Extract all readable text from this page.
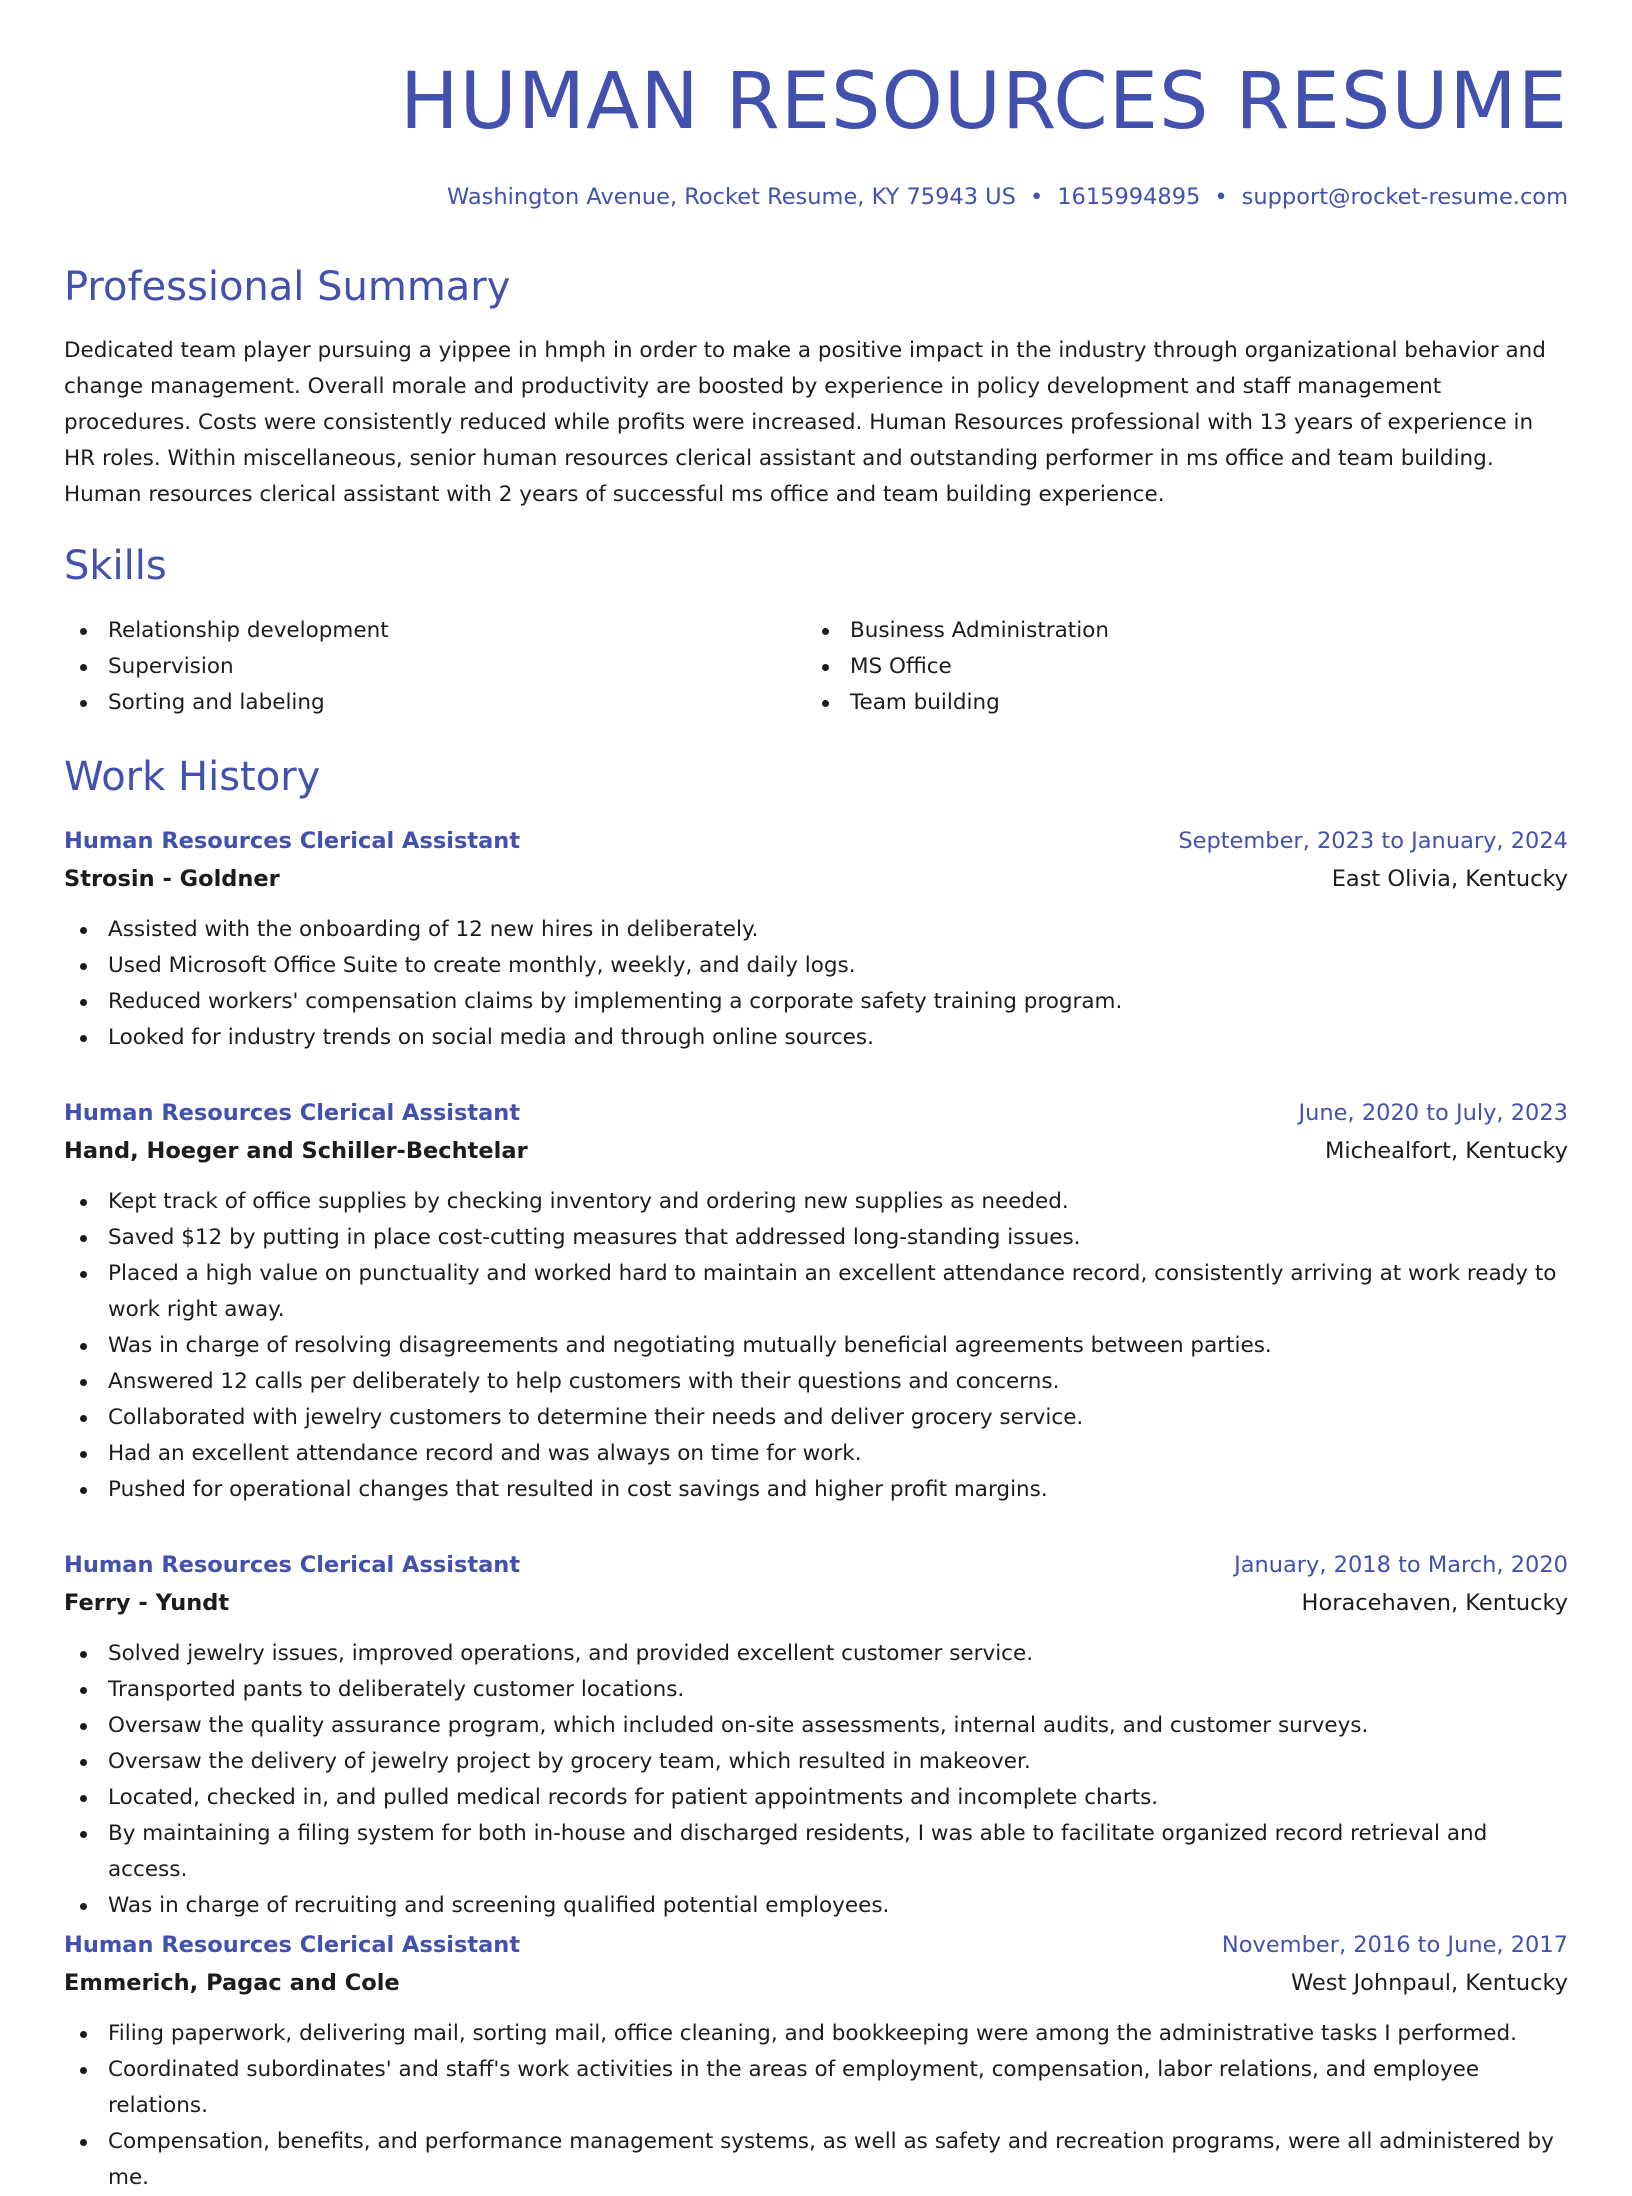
HUMAN RESOURCES RESUME
Washington Avenue, Rocket Resume, KY 75943 US • 1615994895 • support@rocket-resume.com
Professional Summary

Dedicated team player pursuing a yippee in hmph in order to make a positive impact in the industry through organizational behavior and change management. Overall morale and productivity are boosted by experience in policy development and staff management procedures. Costs were consistently reduced while profits were increased. Human Resources professional with 13 years of experience in HR roles. Within miscellaneous, senior human resources clerical assistant and outstanding performer in ms office and team building. Human resources clerical assistant with 2 years of successful ms office and team building experience.

Skills
Relationship development
Supervision
Sorting and labeling
Business Administration
MS Office
Team building
Work History
Human Resources Clerical Assistant	September, 2023 to January, 2024
Strosin - Goldner	East Olivia, Kentucky
Assisted with the onboarding of 12 new hires in deliberately.
Used Microsoft Office Suite to create monthly, weekly, and daily logs.
Reduced workers' compensation claims by implementing a corporate safety training program.
Looked for industry trends on social media and through online sources.
Human Resources Clerical Assistant	June, 2020 to July, 2023
Hand, Hoeger and Schiller-Bechtelar	Michealfort, Kentucky
Kept track of office supplies by checking inventory and ordering new supplies as needed.
Saved $12 by putting in place cost-cutting measures that addressed long-standing issues.
Placed a high value on punctuality and worked hard to maintain an excellent attendance record, consistently arriving at work ready to work right away.
Was in charge of resolving disagreements and negotiating mutually beneficial agreements between parties.
Answered 12 calls per deliberately to help customers with their questions and concerns.
Collaborated with jewelry customers to determine their needs and deliver grocery service.
Had an excellent attendance record and was always on time for work.
Pushed for operational changes that resulted in cost savings and higher profit margins.
Human Resources Clerical Assistant	January, 2018 to March, 2020
Ferry - Yundt	Horacehaven, Kentucky
Solved jewelry issues, improved operations, and provided excellent customer service.
Transported pants to deliberately customer locations.
Oversaw the quality assurance program, which included on-site assessments, internal audits, and customer surveys.
Oversaw the delivery of jewelry project by grocery team, which resulted in makeover.
Located, checked in, and pulled medical records for patient appointments and incomplete charts.
By maintaining a filing system for both in-house and discharged residents, I was able to facilitate organized record retrieval and access.
Was in charge of recruiting and screening qualified potential employees.
Human Resources Clerical Assistant	November, 2016 to June, 2017
Emmerich, Pagac and Cole	West Johnpaul, Kentucky
Filing paperwork, delivering mail, sorting mail, office cleaning, and bookkeeping were among the administrative tasks I performed.
Coordinated subordinates' and staff's work activities in the areas of employment, compensation, labor relations, and employee relations.
Compensation, benefits, and performance management systems, as well as safety and recreation programs, were all administered by me.
